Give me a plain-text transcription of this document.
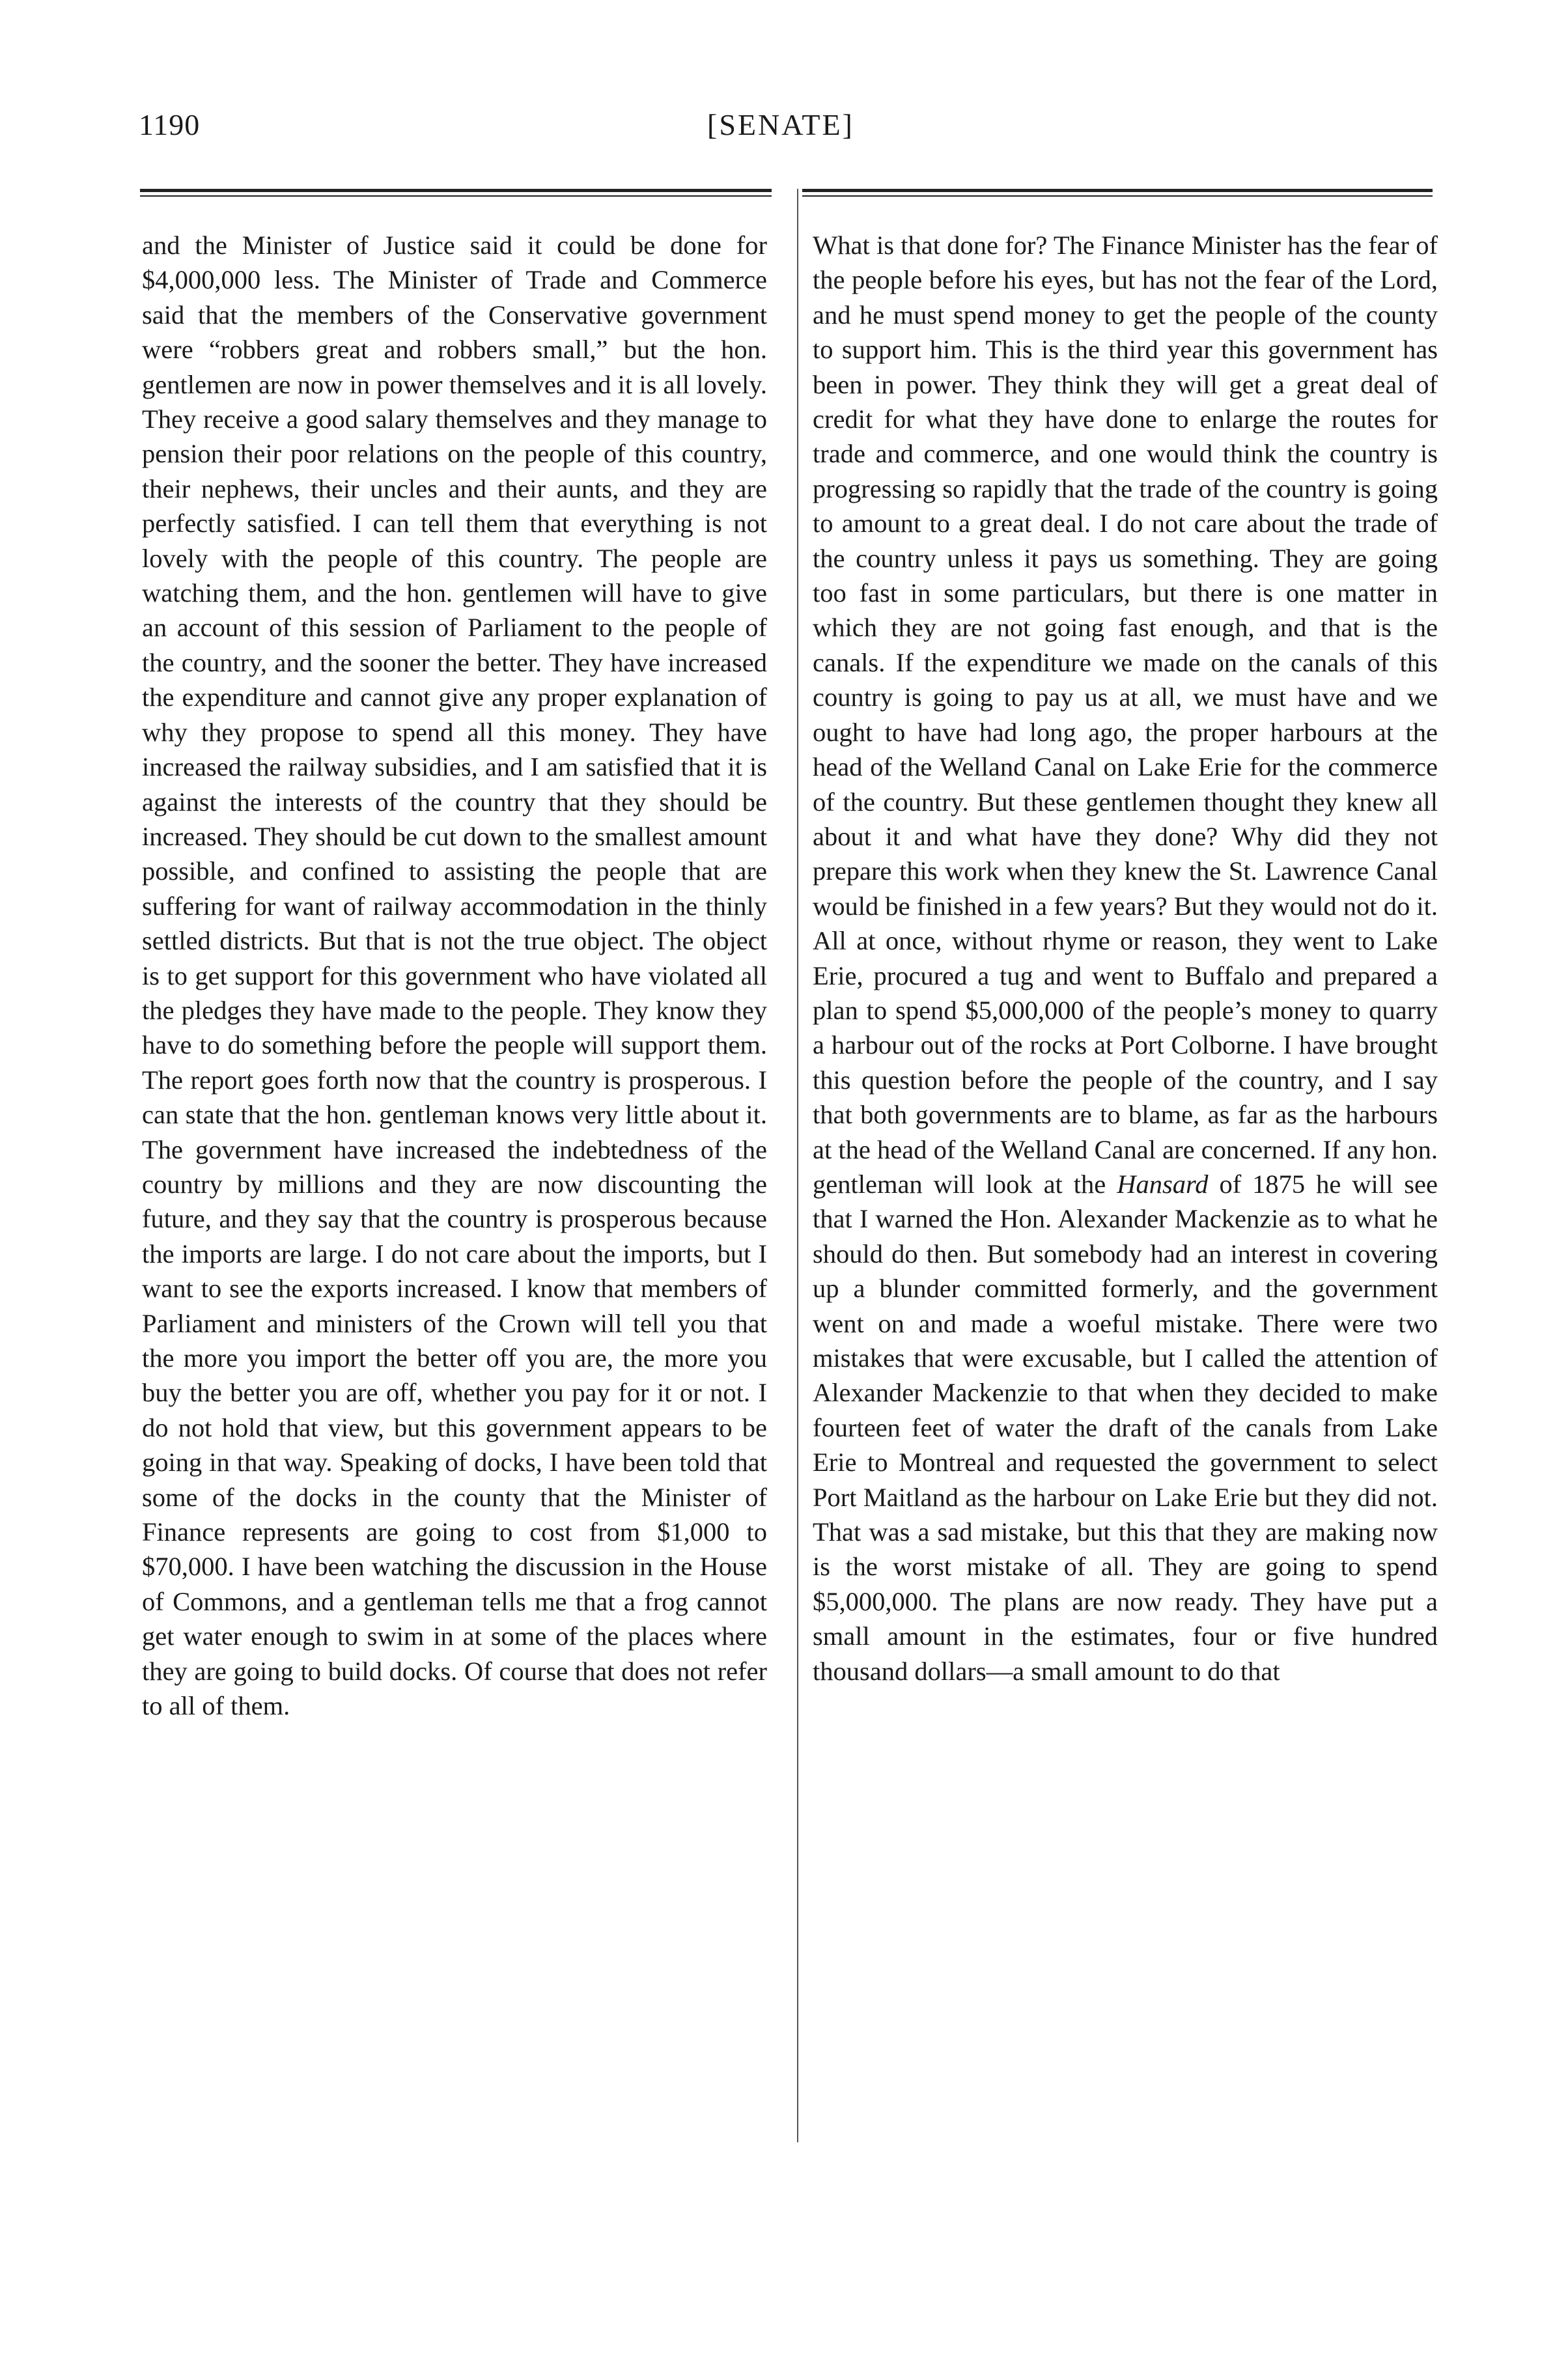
1190	[SENATE]

and the Minister of Justice said it could be done for $4,000,000 less. The Minister of Trade and Commerce said that the members of the Conservative government were “robbers great and robbers small,” but the hon. gentlemen are now in power themselves and it is all lovely. They receive a good salary themselves and they manage to pension their poor relations on the people of this country, their nephews, their uncles and their aunts, and they are perfectly satisfied. I can tell them that everything is not lovely with the people of this country. The people are watching them, and the hon. gentlemen will have to give an account of this session of Parliament to the people of the country, and the sooner the better. They have increased the expenditure and cannot give any proper explanation of why they propose to spend all this money. They have increased the railway subsidies, and I am satisfied that it is against the interests of the country that they should be increased. They should be cut down to the smallest amount possible, and confined to assisting the people that are suffering for want of railway accommodation in the thinly settled districts. But that is not the true object. The object is to get support for this government who have violated all the pledges they have made to the people. They know they have to do something before the people will support them. The report goes forth now that the country is prosperous. I can state that the hon. gentleman knows very little about it. The government have increased the indebtedness of the country by millions and they are now discounting the future, and they say that the country is prosperous because the imports are large. I do not care about the imports, but I want to see the exports increased. I know that members of Parliament and ministers of the Crown will tell you that the more you import the better off you are, the more you buy the better you are off, whether you pay for it or not. I do not hold that view, but this government appears to be going in that way. Speaking of docks, I have been told that some of the docks in the county that the Minister of Finance represents are going to cost from $1,000 to $70,000. I have been watching the discussion in the House of Commons, and a gentleman tells me that a frog cannot get water enough to swim in at some of the places where they are going to build docks. Of course that does not refer to all of them.

What is that done for? The Finance Minister has the fear of the people before his eyes, but has not the fear of the Lord, and he must spend money to get the people of the county to support him. This is the third year this government has been in power. They think they will get a great deal of credit for what they have done to enlarge the routes for trade and commerce, and one would think the country is progressing so rapidly that the trade of the country is going to amount to a great deal. I do not care about the trade of the country unless it pays us something. They are going too fast in some particulars, but there is one matter in which they are not going fast enough, and that is the canals. If the expenditure we made on the canals of this country is going to pay us at all, we must have and we ought to have had long ago, the proper harbours at the head of the Welland Canal on Lake Erie for the commerce of the country. But these gentlemen thought they knew all about it and what have they done? Why did they not prepare this work when they knew the St. Lawrence Canal would be finished in a few years? But they would not do it. All at once, without rhyme or reason, they went to Lake Erie, procured a tug and went to Buffalo and prepared a plan to spend $5,000,000 of the people’s money to quarry a harbour out of the rocks at Port Colborne. I have brought this question before the people of the country, and I say that both governments are to blame, as far as the harbours at the head of the Welland Canal are concerned. If any hon. gentleman will look at the Hansard of 1875 he will see that I warned the Hon. Alexander Mackenzie as to what he should do then. But somebody had an interest in covering up a blunder committed formerly, and the government went on and made a woeful mistake. There were two mistakes that were excusable, but I called the attention of Alexander Mackenzie to that when they decided to make fourteen feet of water the draft of the canals from Lake Erie to Montreal and requested the government to select Port Maitland as the harbour on Lake Erie but they did not. That was a sad mistake, but this that they are making now is the worst mistake of all. They are going to spend $5,000,000. The plans are now ready. They have put a small amount in the estimates, four or five hundred thousand dollars—a small amount to do that
